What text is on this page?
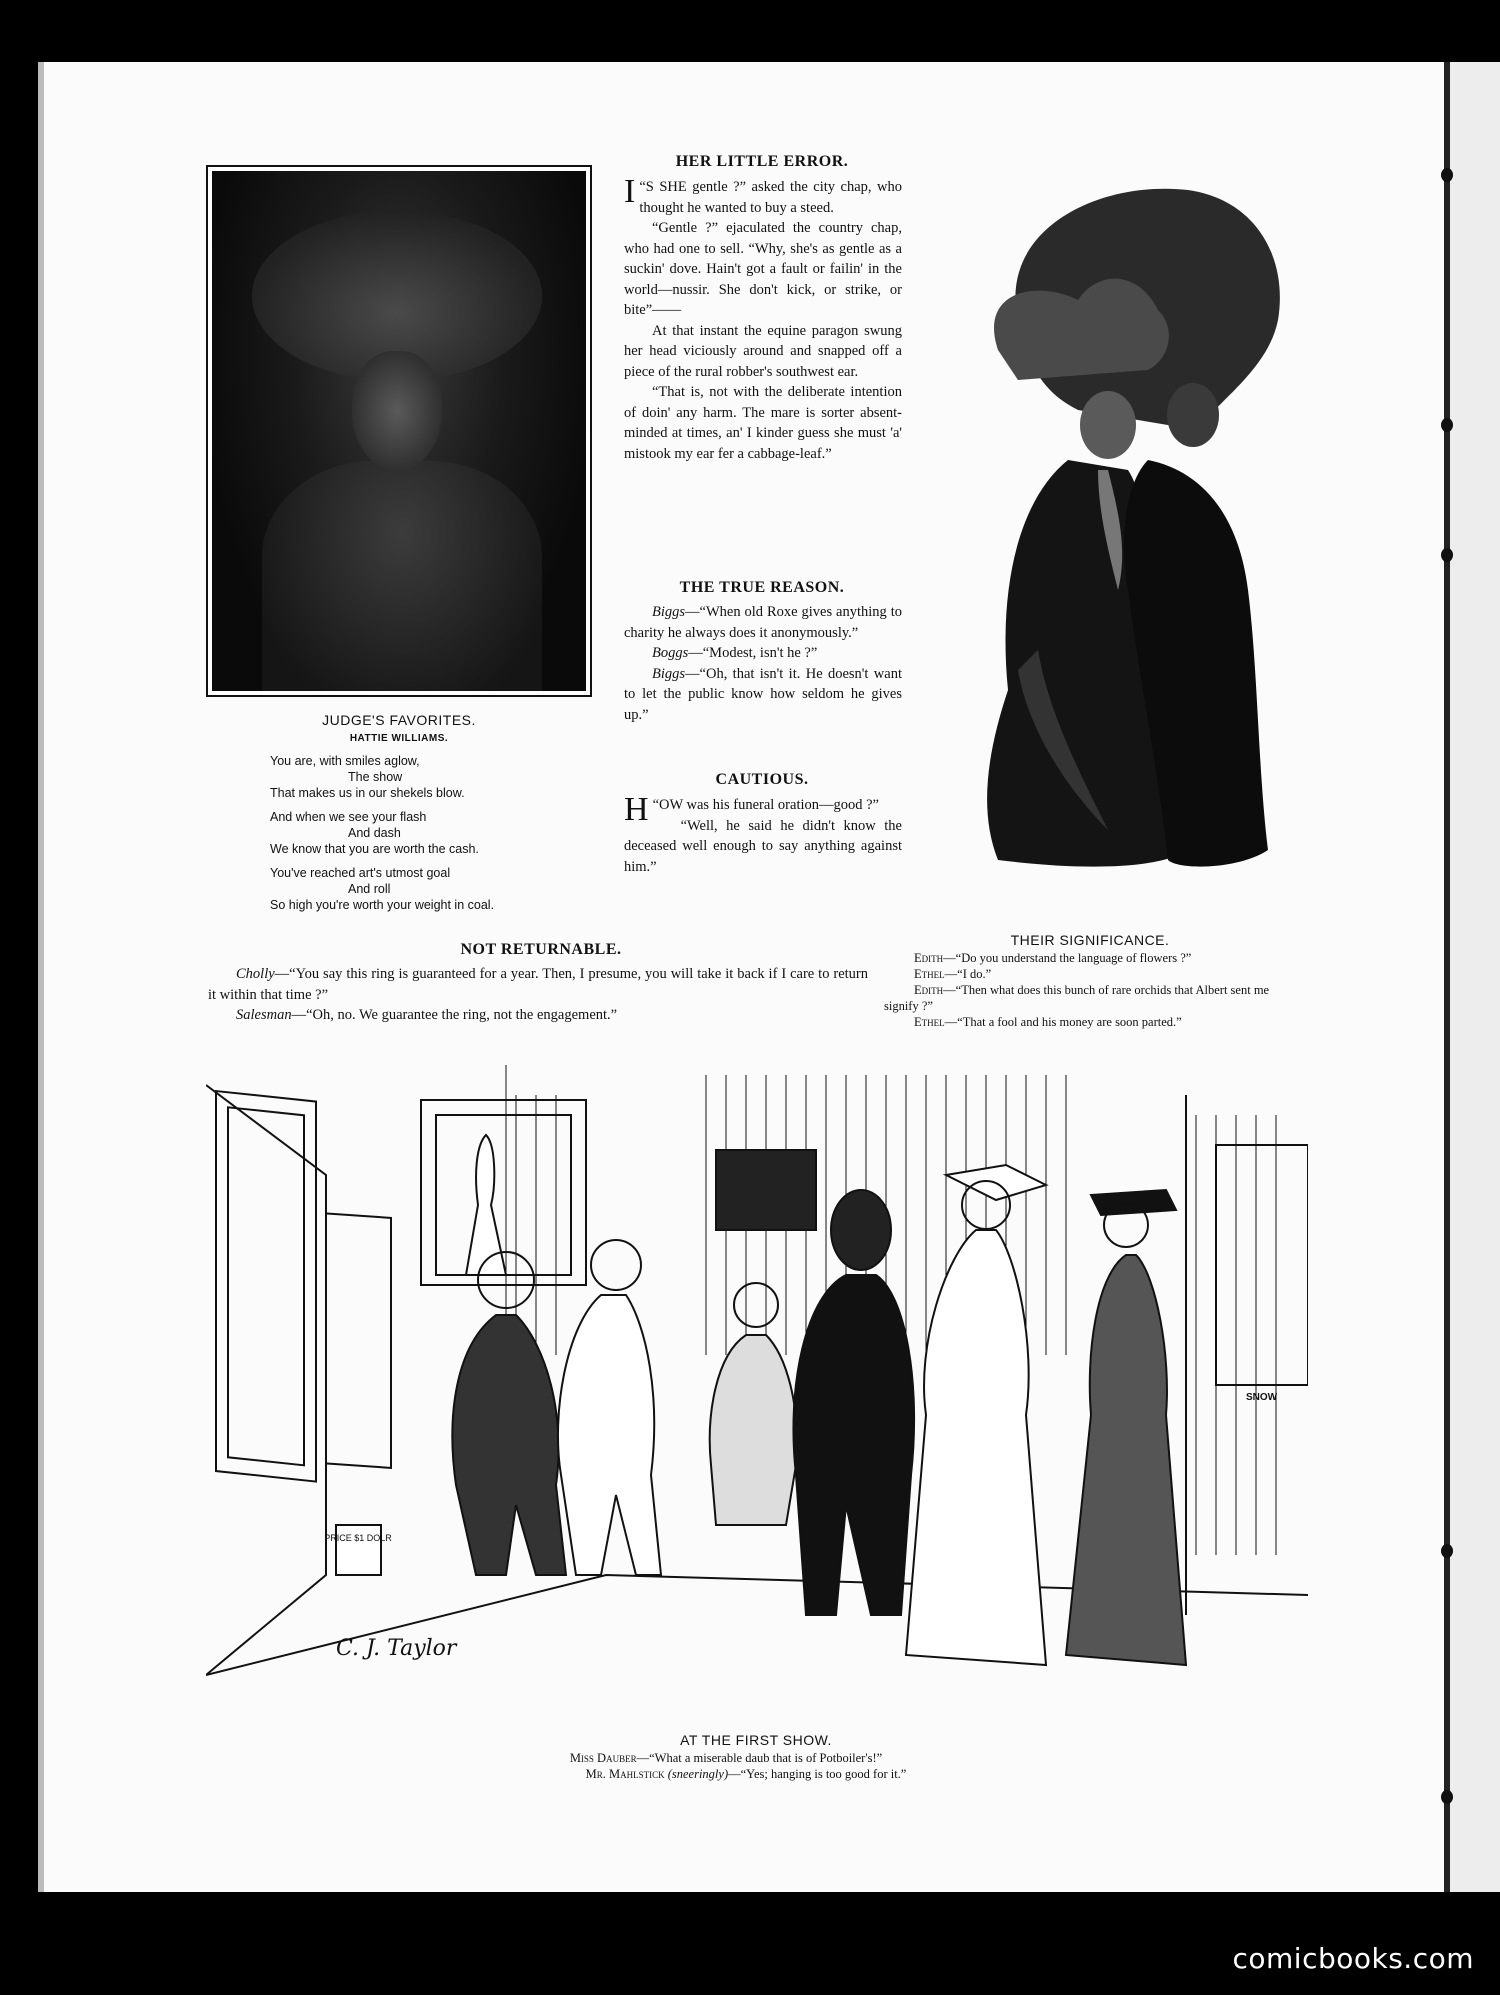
JUDGE'S FAVORITES.
HATTIE WILLIAMS.
You are, with smiles aglow,
The show
That makes us in our shekels blow.
And when we see your flash
And dash
We know that you are worth the cash.
You've reached art's utmost goal
And roll
So high you're worth your weight in coal.
HER LITTLE ERROR.

“
I S SHE gentle ?” asked the city chap, who thought he wanted to buy a steed.

“Gentle ?” ejaculated the country chap, who had one to sell. “Why, she's as gentle as a suckin' dove. Hain't got a fault or failin' in the world—nussir. She don't kick, or strike, or bite”——

At that instant the equine paragon swung her head viciously around and snapped off a piece of the rural robber's southwest ear.

“That is, not with the deliberate intention of doin' any harm. The mare is sorter absent-minded at times, an' I kinder guess she must 'a' mistook my ear fer a cabbage-leaf.”

THE TRUE REASON.

Biggs—“When old Roxe gives anything to charity he always does it anonymously.”

Boggs—“Modest, isn't he ?”

Biggs—“Oh, that isn't it. He doesn't want to let the public know how seldom he gives up.”

CAUTIOUS.

“
H OW was his funeral oration—good ?”

“Well, he said he didn't know the deceased well enough to say anything against him.”

THEIR SIGNIFICANCE.
Edith—“Do you understand the language of flowers ?”
Ethel—“I do.”
Edith—“Then what does this bunch of rare orchids that Albert sent me signify ?”
Ethel—“That a fool and his money are soon parted.”
NOT RETURNABLE.

Cholly—“You say this ring is guaranteed for a year. Then, I presume, you will take it back if I care to return it within that time ?”

Salesman—“Oh, no. We guarantee the ring, not the engagement.”

PRICE $1 DOLR
SNOW
C. J. Taylor
AT THE FIRST SHOW.
Miss Dauber—“What a miserable daub that is of Potboiler's!”
Mr. Mahlstick (sneeringly)—“Yes; hanging is too good for it.”
comicbooks.com
